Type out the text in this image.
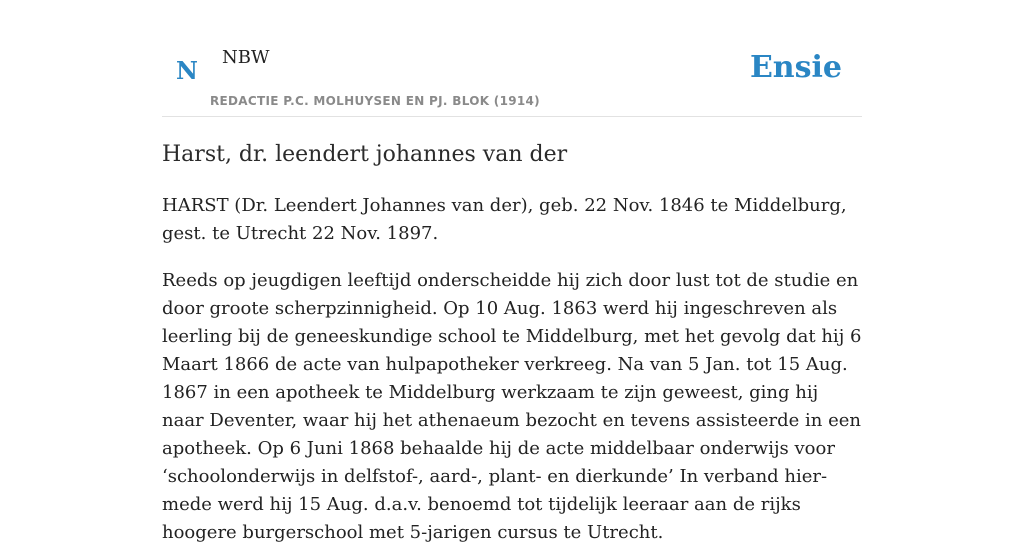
N NBW
REDACTIE P.C. MOLHUYSEN EN PJ. BLOK (1914)
Ensie
Harst, dr. leendert johannes van der

HARST (Dr. Leendert Johannes van der), geb. 22 Nov. 1846 te Middelburg, gest. te Utrecht 22 Nov. 1897.

Reeds op jeugdigen leeftijd onderscheidde hij zich door lust tot de studie en door groote scherpzinnigheid. Op 10 Aug. 1863 werd hij ingeschreven als leerling bij de geneeskundige school te Middelburg, met het gevolg dat hij 6 Maart 1866 de acte van hulpapotheker verkreeg. Na van 5 Jan. tot 15 Aug. 1867 in een apotheek te Middelburg werkzaam te zijn geweest, ging hij naar Deventer, waar hij het athenaeum bezocht en tevens assisteerde in een apotheek. Op 6 Juni 1868 behaalde hij de acte middelbaar onderwijs voor ‘schoolonderwijs in delfstof-, aard-, plant- en dierkunde’ In verband hier- mede werd hij 15 Aug. d.a.v. benoemd tot tijdelijk leeraar aan de rijks hoogere burgerschool met 5-jarigen cursus te Utrecht.
